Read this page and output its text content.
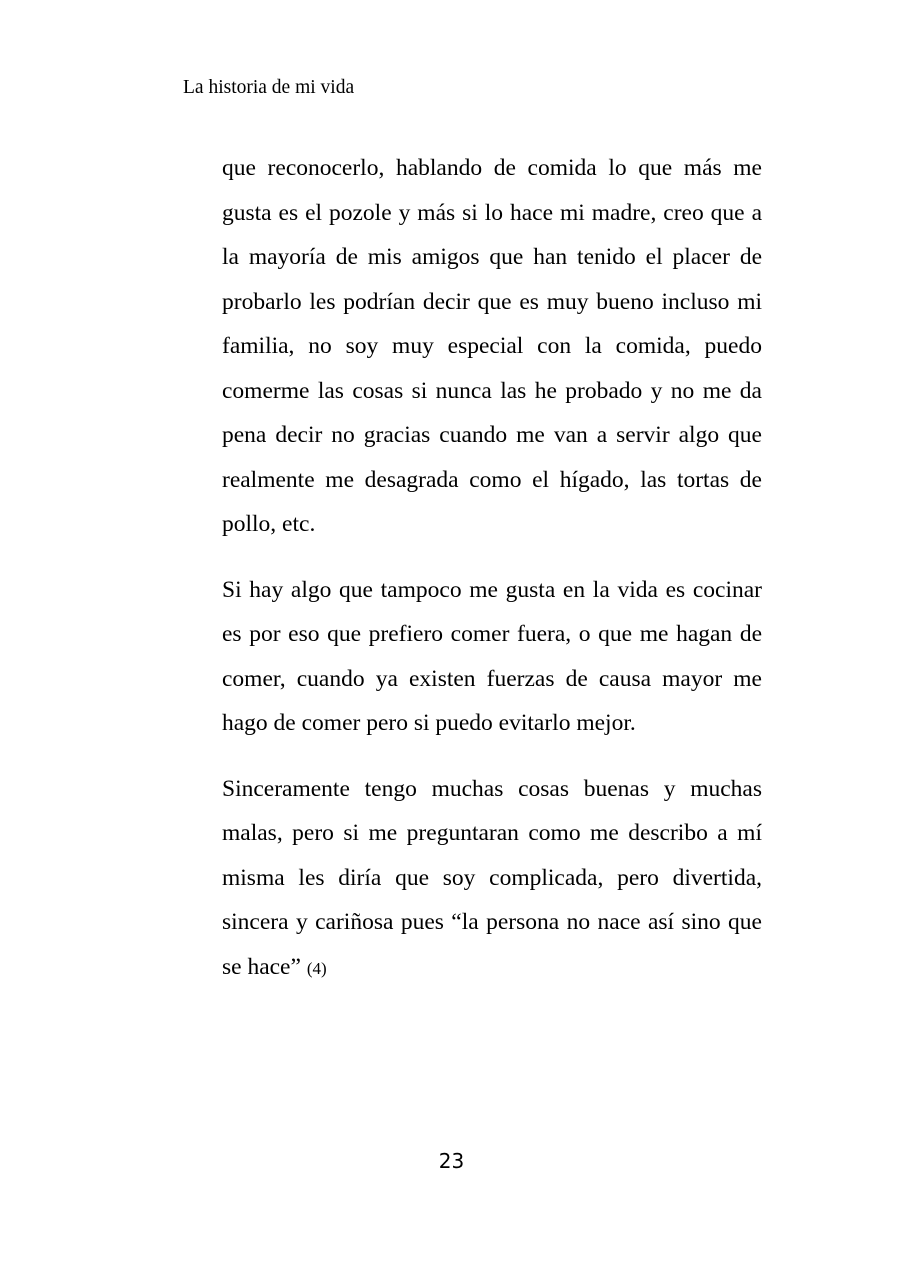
La historia de mi vida

que reconocerlo, hablando de comida lo que más me gusta es el pozole y más si lo hace mi madre, creo que a la mayoría de mis amigos que han tenido el placer de probarlo les podrían decir que es muy bueno incluso mi familia, no soy muy especial con la comida, puedo comerme las cosas si nunca las he probado y no me da pena decir no gracias cuando me van a servir algo que realmente me desagrada como el hígado, las tortas de pollo, etc.

Si hay algo que tampoco me gusta en la vida es cocinar es por eso que prefiero comer fuera, o que me hagan de comer, cuando ya existen fuerzas de causa mayor me hago de comer pero si puedo evitarlo mejor.

Sinceramente tengo muchas cosas buenas y muchas malas, pero si me preguntaran como me describo a mí misma les diría que soy complicada, pero divertida, sincera y cariñosa pues “la persona no nace así sino que se hace” (4)

23
